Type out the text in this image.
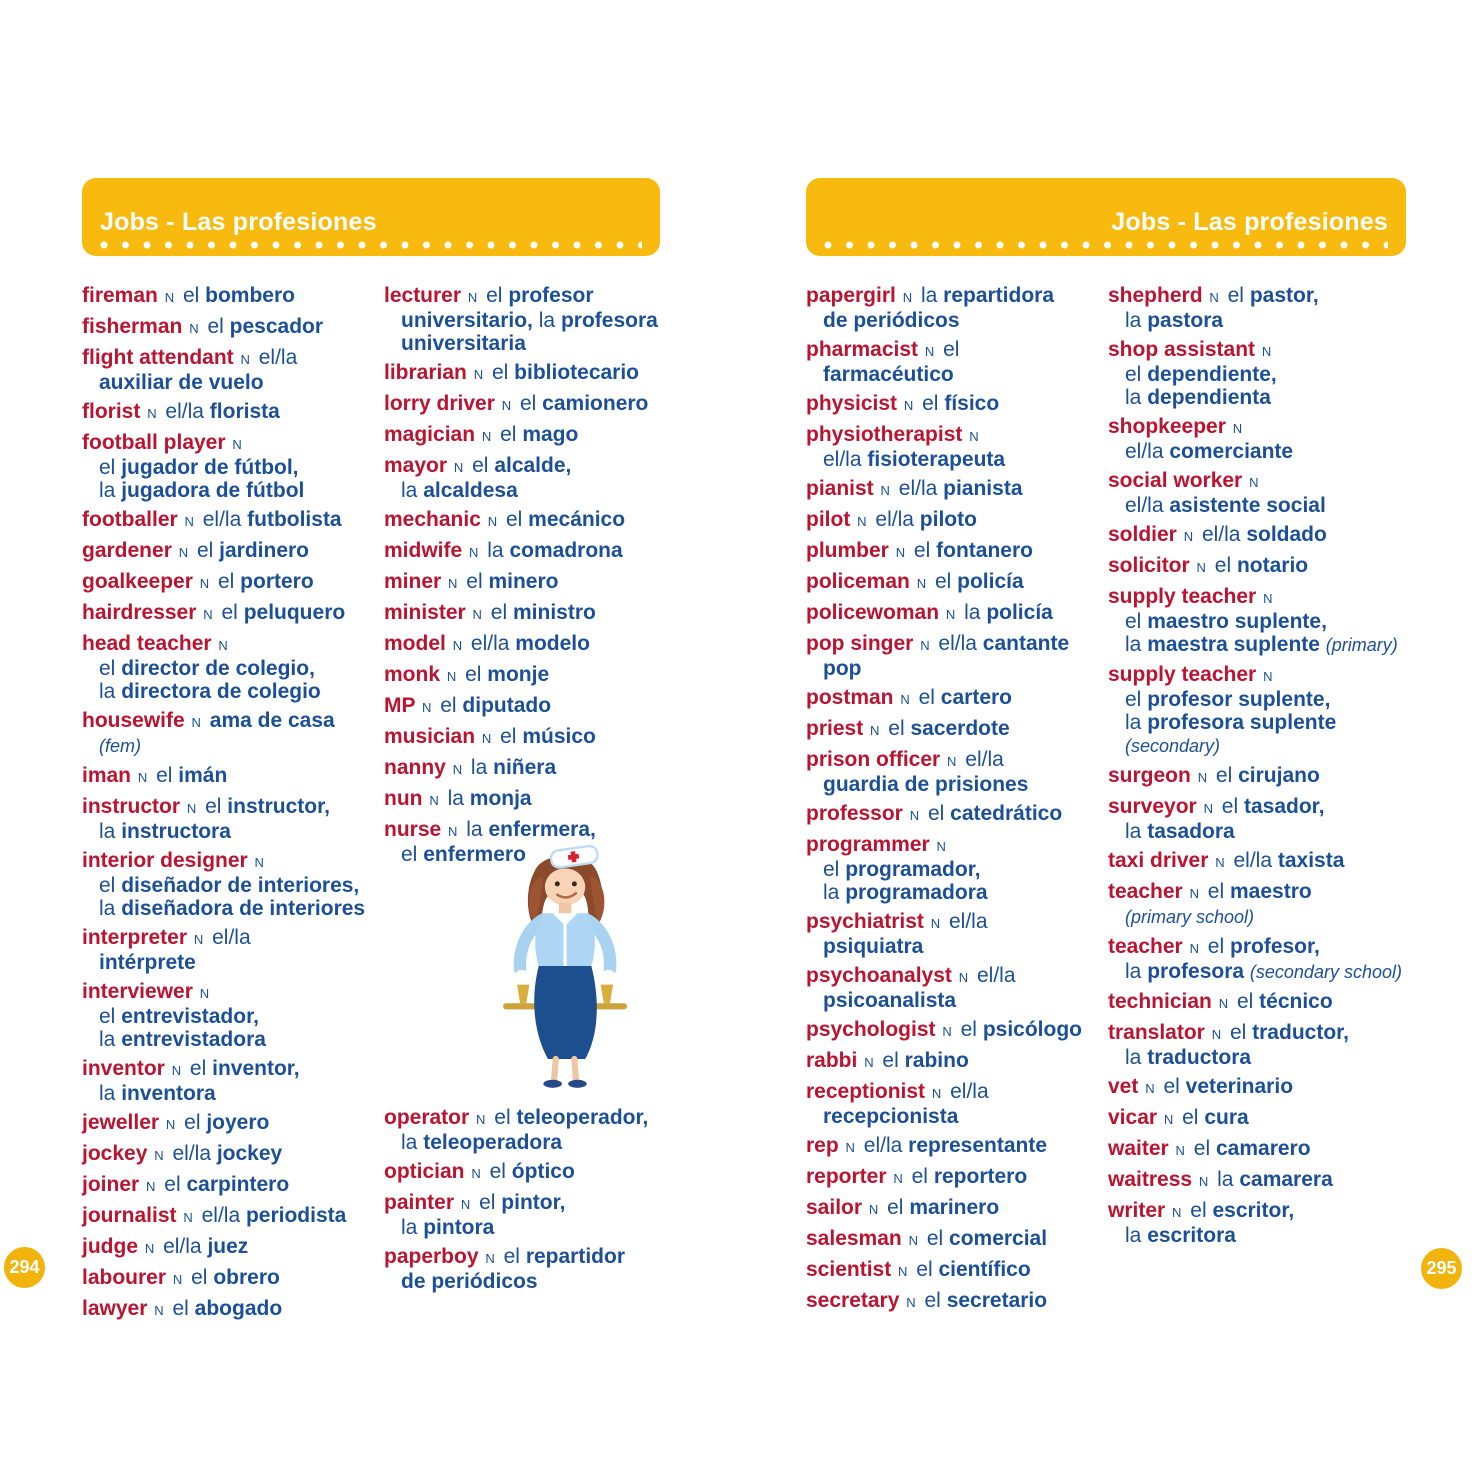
Jobs - Las profesiones
fireman N el bombero
fisherman N el pescador
flight attendant N el/la
auxiliar de vuelo
florist N el/la florista
football player N
el jugador de fútbol,
la jugadora de fútbol
footballer N el/la futbolista
gardener N el jardinero
goalkeeper N el portero
hairdresser N el peluquero
head teacher N
el director de colegio,
la directora de colegio
housewife N ama de casa
(fem)
iman N el imán
instructor N el instructor,
la instructora
interior designer N
el diseñador de interiores,
la diseñadora de interiores
interpreter N el/la
intérprete
interviewer N
el entrevistador,
la entrevistadora
inventor N el inventor,
la inventora
jeweller N el joyero
jockey N el/la jockey
joiner N el carpintero
journalist N el/la periodista
judge N el/la juez
labourer N el obrero
lawyer N el abogado
lecturer N el profesor
universitario, la profesora
universitaria
librarian N el bibliotecario
lorry driver N el camionero
magician N el mago
mayor N el alcalde,
la alcaldesa
mechanic N el mecánico
midwife N la comadrona
miner N el minero
minister N el ministro
model N el/la modelo
monk N el monje
MP N el diputado
musician N el músico
nanny N la niñera
nun N la monja
nurse N la enfermera,
el enfermero
operator N el teleoperador,
la teleoperadora
optician N el óptico
painter N el pintor,
la pintora
paperboy N el repartidor
de periódicos
Jobs - Las profesiones
papergirl N la repartidora
de periódicos
pharmacist N el
farmacéutico
physicist N el físico
physiotherapist N
el/la fisioterapeuta
pianist N el/la pianista
pilot N el/la piloto
plumber N el fontanero
policeman N el policía
policewoman N la policía
pop singer N el/la cantante
pop
postman N el cartero
priest N el sacerdote
prison officer N el/la
guardia de prisiones
professor N el catedrático
programmer N
el programador,
la programadora
psychiatrist N el/la
psiquiatra
psychoanalyst N el/la
psicoanalista
psychologist N el psicólogo
rabbi N el rabino
receptionist N el/la
recepcionista
rep N el/la representante
reporter N el reportero
sailor N el marinero
salesman N el comercial
scientist N el científico
secretary N el secretario
shepherd N el pastor,
la pastora
shop assistant N
el dependiente,
la dependienta
shopkeeper N
el/la comerciante
social worker N
el/la asistente social
soldier N el/la soldado
solicitor N el notario
supply teacher N
el maestro suplente,
la maestra suplente (primary)
supply teacher N
el profesor suplente,
la profesora suplente
(secondary)
surgeon N el cirujano
surveyor N el tasador,
la tasadora
taxi driver N el/la taxista
teacher N el maestro
(primary school)
teacher N el profesor,
la profesora (secondary school)
technician N el técnico
translator N el traductor,
la traductora
vet N el veterinario
vicar N el cura
waiter N el camarero
waitress N la camarera
writer N el escritor,
la escritora
294	295
